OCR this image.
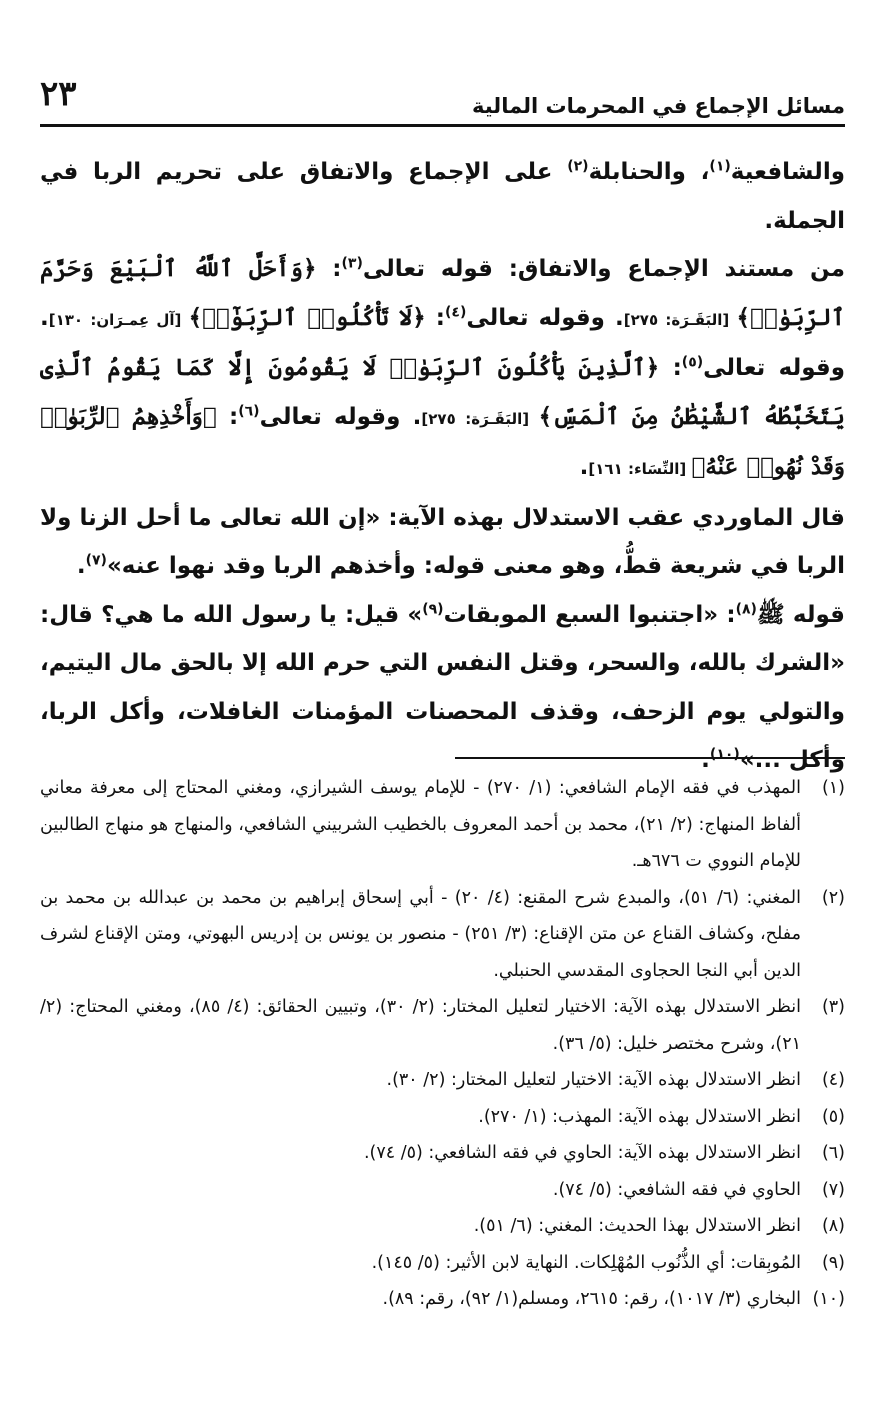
٢٣	مسائل الإجماع في المحرمات المالية

والشافعية$^{(١)}$، والحنابلة$^{(٢)}$ على الإجماع والاتفاق على تحريم الربا في الجملة.

من مستند الإجماع والاتفاق: قوله تعالى$^{(٣)}$: ﴿وَأَحَلَّ ٱللَّهُ ٱلْبَيْعَ وَحَرَّمَ ٱلرِّبَوٰا۟﴾ [البَقَـرَة: ٢٧٥]. وقوله تعالى$^{(٤)}$: ﴿لَا تَأْكُلُوا۟ ٱلرِّبَوٰٓا۟﴾ [آل عِمـرَان: ١٣٠]. وقوله تعالى$^{(٥)}$: ﴿ٱلَّذِينَ يَأْكُلُونَ ٱلرِّبَوٰا۟ لَا يَقُومُونَ إِلَّا كَمَا يَقُومُ ٱلَّذِى يَتَخَبَّطُهُ ٱلشَّيْطَٰنُ مِنَ ٱلْمَسِّ﴾ [البَقَـرَة: ٢٧٥]. وقوله تعالى$^{(٦)}$: ﴿وَأَخْذِهِمُ ٱلرِّبَوٰا۟ وَقَدْ نُهُوا۟ عَنْهُ﴾ [النِّسَاء: ١٦١].

قال الماوردي عقب الاستدلال بهذه الآية: «إن الله تعالى ما أحل الزنا ولا الربا في شريعة قطُّ، وهو معنى قوله: وأخذهم الربا وقد نهوا عنه»$^{(٧)}$.

قوله ﷺ$^{(٨)}$: «اجتنبوا السبع الموبقات$^{(٩)}$» قيل: يا رسول الله ما هي؟ قال: «الشرك بالله، والسحر، وقتل النفس التي حرم الله إلا بالحق مال اليتيم، والتولي يوم الزحف، وقذف المحصنات المؤمنات الغافلات، وأكل الربا، وأكل ...»$^{(١٠)}$.

(١)المهذب في فقه الإمام الشافعي: (١/ ٢٧٠) - للإمام يوسف الشيرازي، ومغني المحتاج إلى معرفة معاني ألفاظ المنهاج: (٢/ ٢١)، محمد بن أحمد المعروف بالخطيب الشربيني الشافعي، والمنهاج هو منهاج الطالبين للإمام النووي ت ٦٧٦هـ.

(٢)المغني: (٦/ ٥١)، والمبدع شرح المقنع: (٤/ ٢٠) - أبي إسحاق إبراهيم بن محمد بن عبدالله بن محمد بن مفلح، وكشاف القناع عن متن الإقناع: (٣/ ٢٥١) - منصور بن يونس بن إدريس البهوتي، ومتن الإقناع لشرف الدين أبي النجا الحجاوى المقدسي الحنبلي.

(٣)انظر الاستدلال بهذه الآية: الاختيار لتعليل المختار: (٢/ ٣٠)، وتبيين الحقائق: (٤/ ٨٥)، ومغني المحتاج: (٢/ ٢١)، وشرح مختصر خليل: (٥/ ٣٦).

(٤)انظر الاستدلال بهذه الآية: الاختيار لتعليل المختار: (٢/ ٣٠).

(٥)انظر الاستدلال بهذه الآية: المهذب: (١/ ٢٧٠).

(٦)انظر الاستدلال بهذه الآية: الحاوي في فقه الشافعي: (٥/ ٧٤).

(٧)الحاوي في فقه الشافعي: (٥/ ٧٤).

(٨)انظر الاستدلال بهذا الحديث: المغني: (٦/ ٥١).

(٩)المُوبِقات: أي الذُّنُوب المُهْلِكات. النهاية لابن الأثير: (٥/ ١٤٥).

(١٠)البخاري (٣/ ١٠١٧)، رقم: ٢٦١٥، ومسلم(١/ ٩٢)، رقم: ٨٩).
